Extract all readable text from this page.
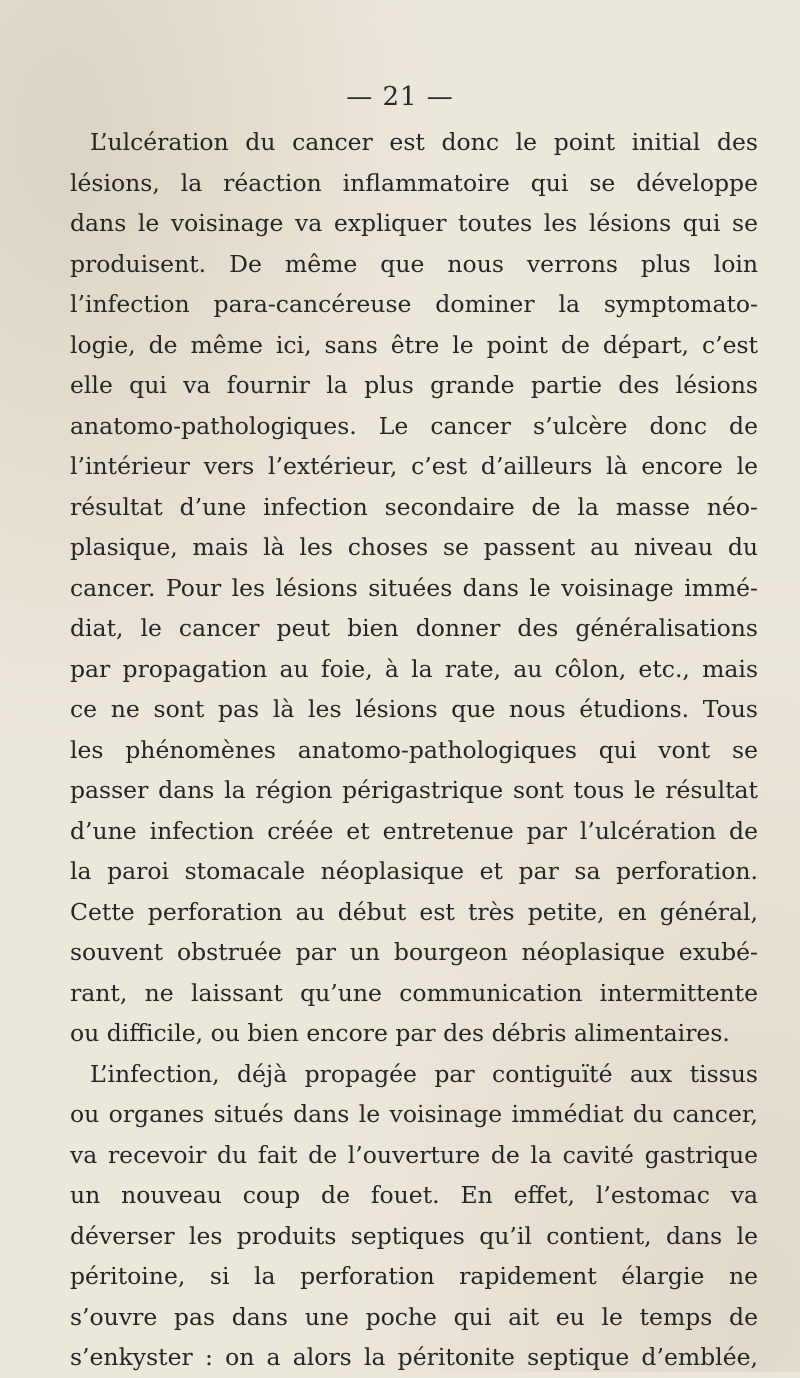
— 21 —
L’ulcération du cancer est donc le point initial des
lésions, la réaction inflammatoire qui se développe
dans le voisinage va expliquer toutes les lésions qui se
produisent. De même que nous verrons plus loin
l’infection para-cancéreuse dominer la symptomato-
logie, de même ici, sans être le point de départ, c’est
elle qui va fournir la plus grande partie des lésions
anatomo-pathologiques. Le cancer s’ulcère donc de
l’intérieur vers l’extérieur, c’est d’ailleurs là encore le
résultat d’une infection secondaire de la masse néo-
plasique, mais là les choses se passent au niveau du
cancer. Pour les lésions situées dans le voisinage immé-
diat, le cancer peut bien donner des généralisations
par propagation au foie, à la rate, au côlon, etc., mais
ce ne sont pas là les lésions que nous étudions. Tous
les phénomènes anatomo-pathologiques qui vont se
passer dans la région périgastrique sont tous le résultat
d’une infection créée et entretenue par l’ulcération de
la paroi stomacale néoplasique et par sa perforation.
Cette perforation au début est très petite, en général,
souvent obstruée par un bourgeon néoplasique exubé-
rant, ne laissant qu’une communication intermittente
ou difficile, ou bien encore par des débris alimentaires.
L’infection, déjà propagée par contiguïté aux tissus
ou organes situés dans le voisinage immédiat du cancer,
va recevoir du fait de l’ouverture de la cavité gastrique
un nouveau coup de fouet. En effet, l’estomac va
déverser les produits septiques qu’il contient, dans le
péritoine, si la perforation rapidement élargie ne
s’ouvre pas dans une poche qui ait eu le temps de
s’enkyster : on a alors la péritonite septique d’emblée,
